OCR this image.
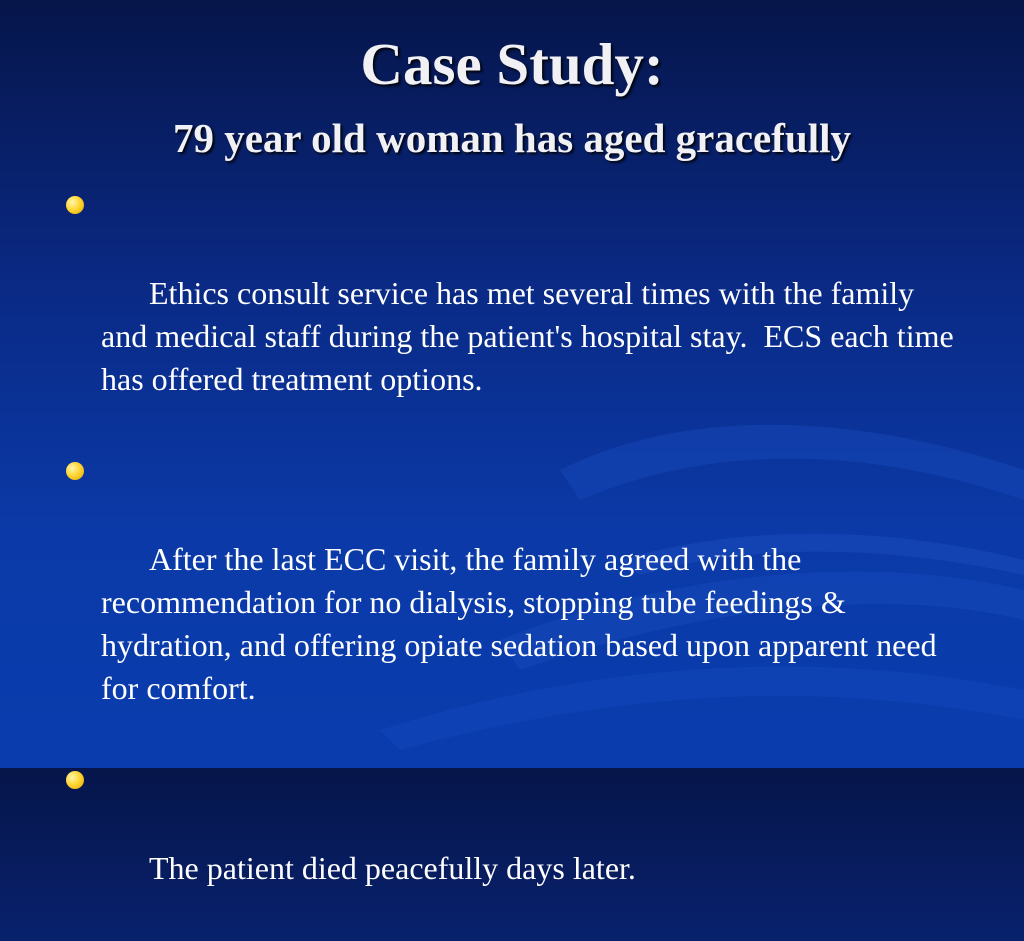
Case Study:
79 year old woman has aged gracefully

Ethics consult service has met several times with the family and medical staff during the patient's hospital stay.  ECS each time has offered treatment options.

After the last ECC visit, the family agreed with the recommendation for no dialysis, stopping tube feedings & hydration, and offering opiate sedation based upon apparent need for comfort.

The patient died peacefully days later.
